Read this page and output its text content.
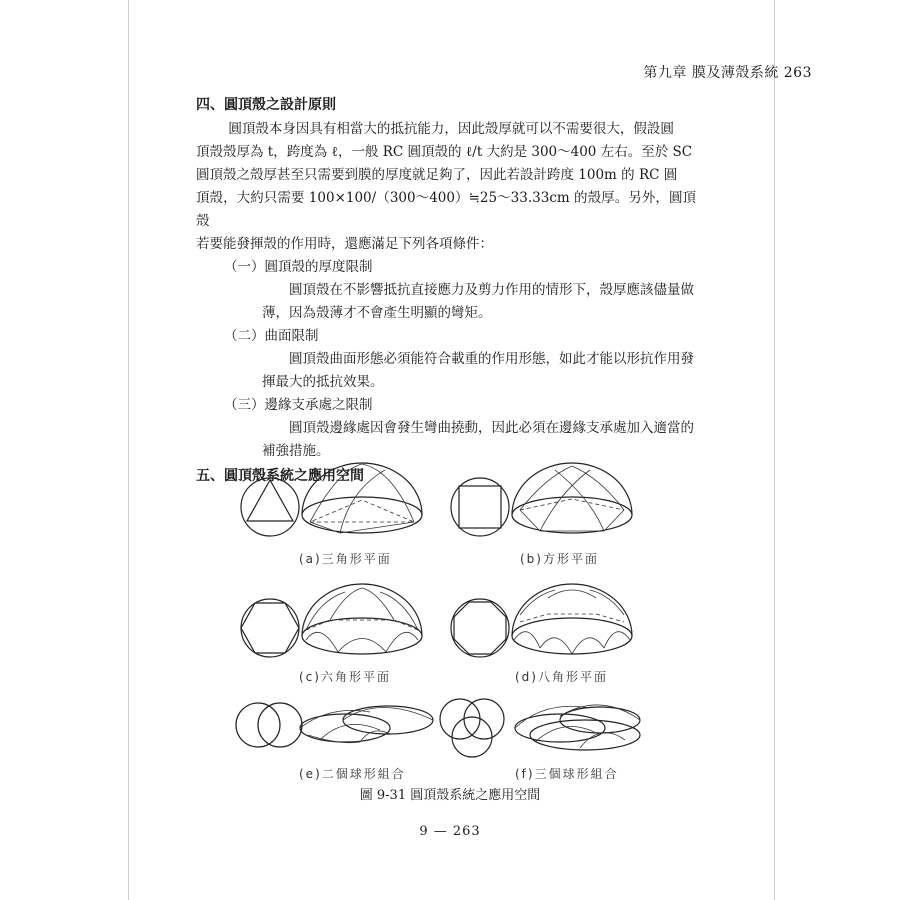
第九章 膜及薄殼系統 263

四、圓頂殼之設計原則

圓頂殼本身因具有相當大的抵抗能力，因此殼厚就可以不需要很大，假設圓

頂殼殼厚為 t，跨度為 ℓ，一般 RC 圓頂殼的 ℓ/t 大約是 300～400 左右。至於 SC

圓頂殼之殼厚甚至只需要到膜的厚度就足夠了，因此若設計跨度 100m 的 RC 圓

頂殼，大約只需要 100×100/（300～400）≒25～33.33cm 的殼厚。另外，圓頂殼

若要能發揮殼的作用時，還應滿足下列各項條件：

（一）圓頂殼的厚度限制

圓頂殼在不影響抵抗直接應力及剪力作用的情形下，殼厚應該儘量做

薄，因為殼薄才不會產生明顯的彎矩。

（二）曲面限制

圓頂殼曲面形態必須能符合載重的作用形態，如此才能以形抗作用發

揮最大的抵抗效果。

（三）邊緣支承處之限制

圓頂殼邊緣處因會發生彎曲撓動，因此必須在邊緣支承處加入適當的

補強措施。

五、圓頂殼系統之應用空間

(a)三角形平面	(b)方形平面
(c)六角形平面	(d)八角形平面
(e)二個球形組合	(f)三個球形組合
圖 9-31 圓頂殼系統之應用空間
9 — 263
